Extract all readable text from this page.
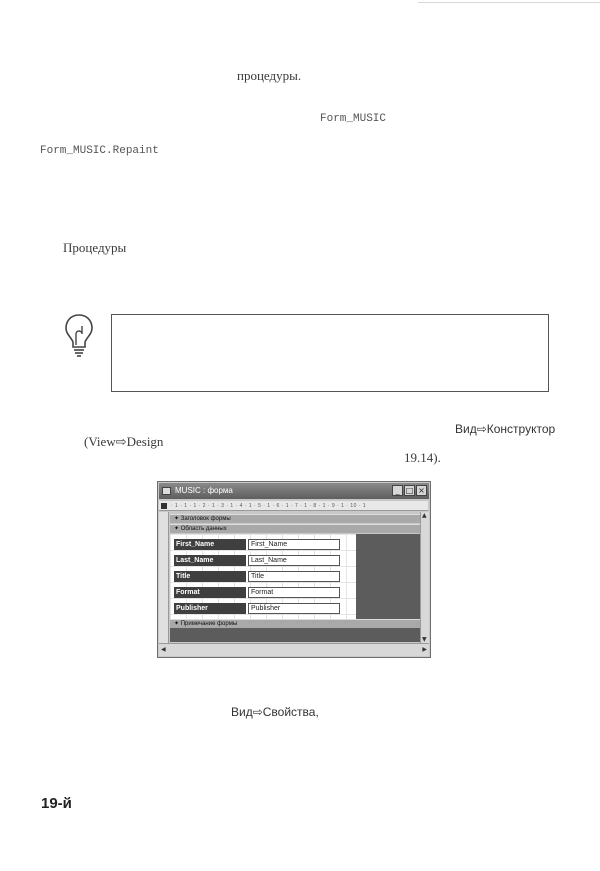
процедуры.
Form_MUSIC
Form_MUSIC.Repaint
Процедуры
Вид⇨Конструктор
(View⇨Design
19.14).
MUSIC : форма	_ □ ×
· 1 · 1 · 1 · 2 · 1 · 3 · 1 · 4 · 1 · 5 · 1 · 6 · 1 · 7 · 1 · 8 · 1 · 9 · 1 · 10 · 1
✦ Заголовок формы
✦ Область данных
First_Name	First_Name
Last_Name	Last_Name
Title	Title
Format	Format
Publisher	Publisher
✦ Примечание формы
▲
▼
◀	▶
Вид⇨Свойства,
19-й
